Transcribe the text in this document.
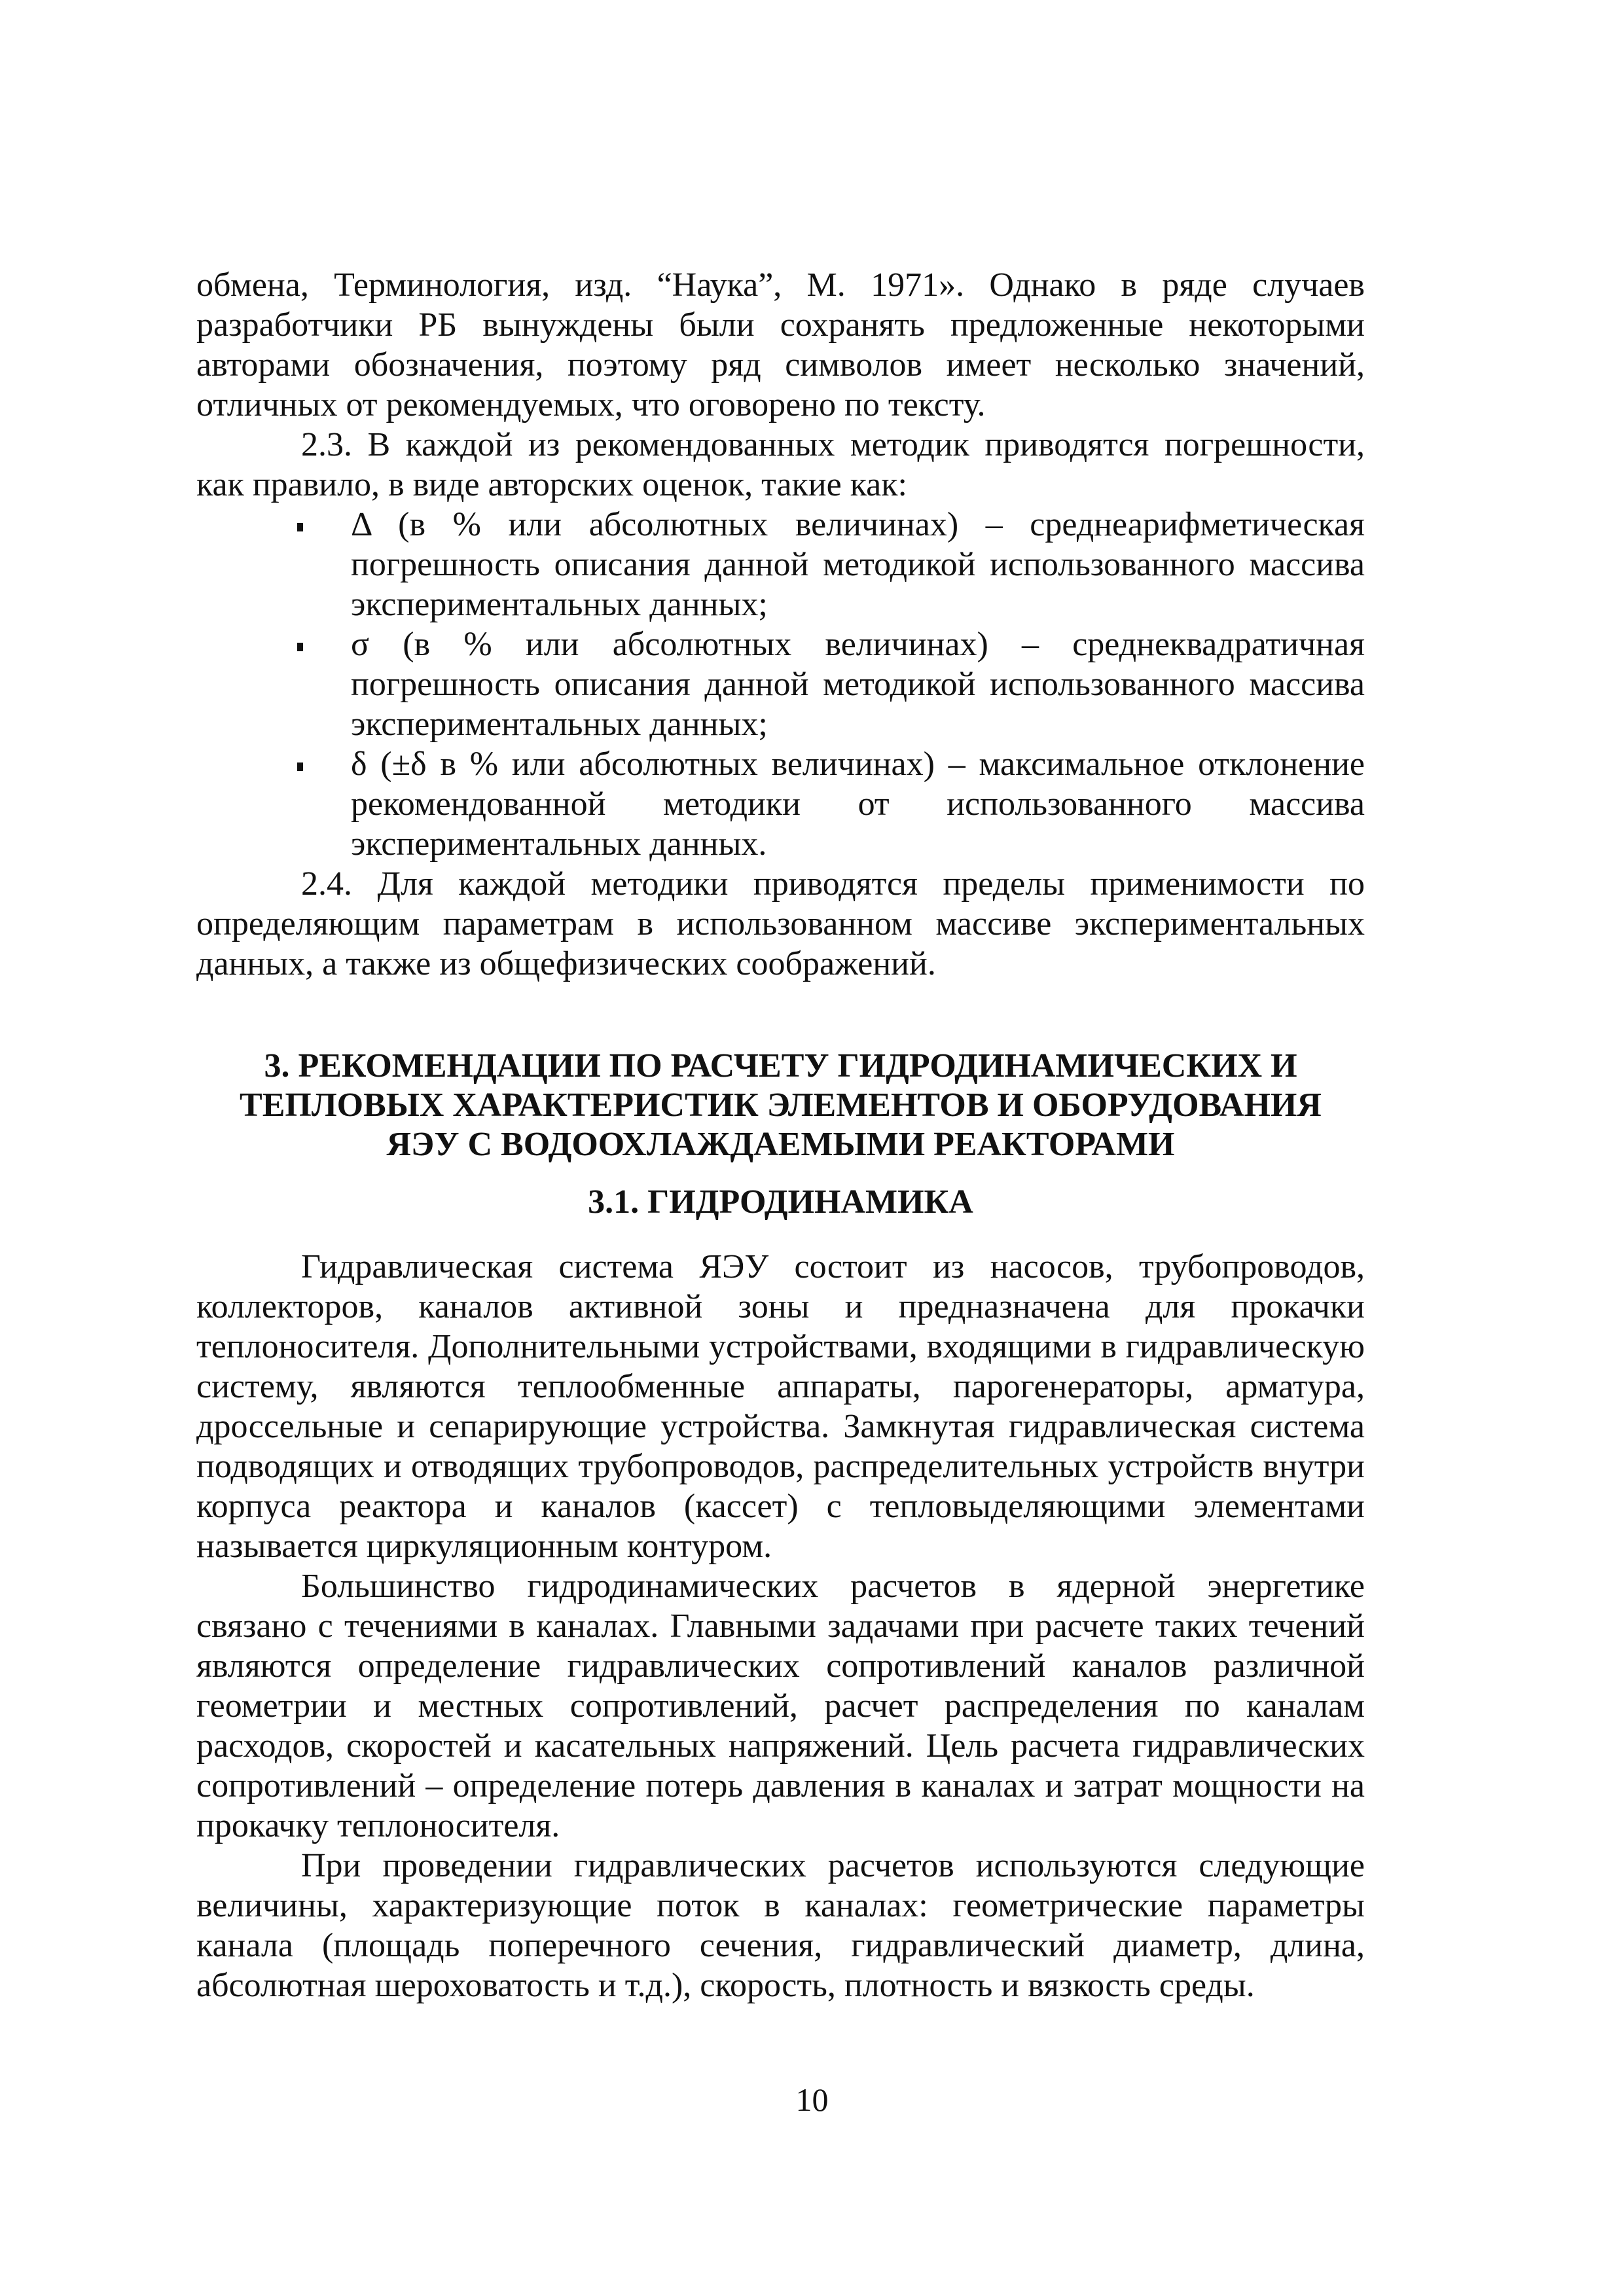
обмена, Терминология, изд. “Наука”, М. 1971». Однако в ряде случаев разработчики РБ вынуждены были сохранять предложенные некоторыми авторами обозначения, поэтому ряд символов имеет несколько значений, отличных от рекомендуемых, что оговорено по тексту.

2.3. В каждой из рекомендованных методик приводятся погрешности, как правило, в виде авторских оценок, такие как:

Δ (в % или абсолютных величинах) – среднеарифметическая погрешность описания данной методикой использованного массива экспериментальных данных;
σ (в % или абсолютных величинах) – среднеквадратичная погрешность описания данной методикой использованного массива экспериментальных данных;
δ (±δ в % или абсолютных величинах) – максимальное отклонение рекомендованной методики от использованного массива экспериментальных данных.

2.4. Для каждой методики приводятся пределы применимости по определяющим параметрам в использованном массиве экспериментальных данных, а также из общефизических соображений.

3. РЕКОМЕНДАЦИИ ПО РАСЧЕТУ ГИДРОДИНАМИЧЕСКИХ И
ТЕПЛОВЫХ ХАРАКТЕРИСТИК ЭЛЕМЕНТОВ И ОБОРУДОВАНИЯ
ЯЭУ С ВОДООХЛАЖДАЕМЫМИ РЕАКТОРАМИ
3.1. ГИДРОДИНАМИКА

Гидравлическая система ЯЭУ состоит из насосов, трубопроводов, коллекторов, каналов активной зоны и предназначена для прокачки теплоносителя. Дополнительными устройствами, входящими в гидравлическую систему, являются теплообменные аппараты, парогенераторы, арматура, дроссельные и сепарирующие устройства. Замкнутая гидравлическая система подводящих и отводящих трубопроводов, распределительных устройств внутри корпуса реактора и каналов (кассет) с тепловыделяющими элементами называется циркуляционным контуром.

Большинство гидродинамических расчетов в ядерной энергетике связано с течениями в каналах. Главными задачами при расчете таких течений являются определение гидравлических сопротивлений каналов различной геометрии и местных сопротивлений, расчет распределения по каналам расходов, скоростей и касательных напряжений. Цель расчета гидравлических сопротивлений – определение потерь давления в каналах и затрат мощности на прокачку теплоносителя.

При проведении гидравлических расчетов используются следующие величины, характеризующие поток в каналах: геометрические параметры канала (площадь поперечного сечения, гидравлический диаметр, длина, абсолютная шероховатость и т.д.), скорость, плотность и вязкость среды.

10
